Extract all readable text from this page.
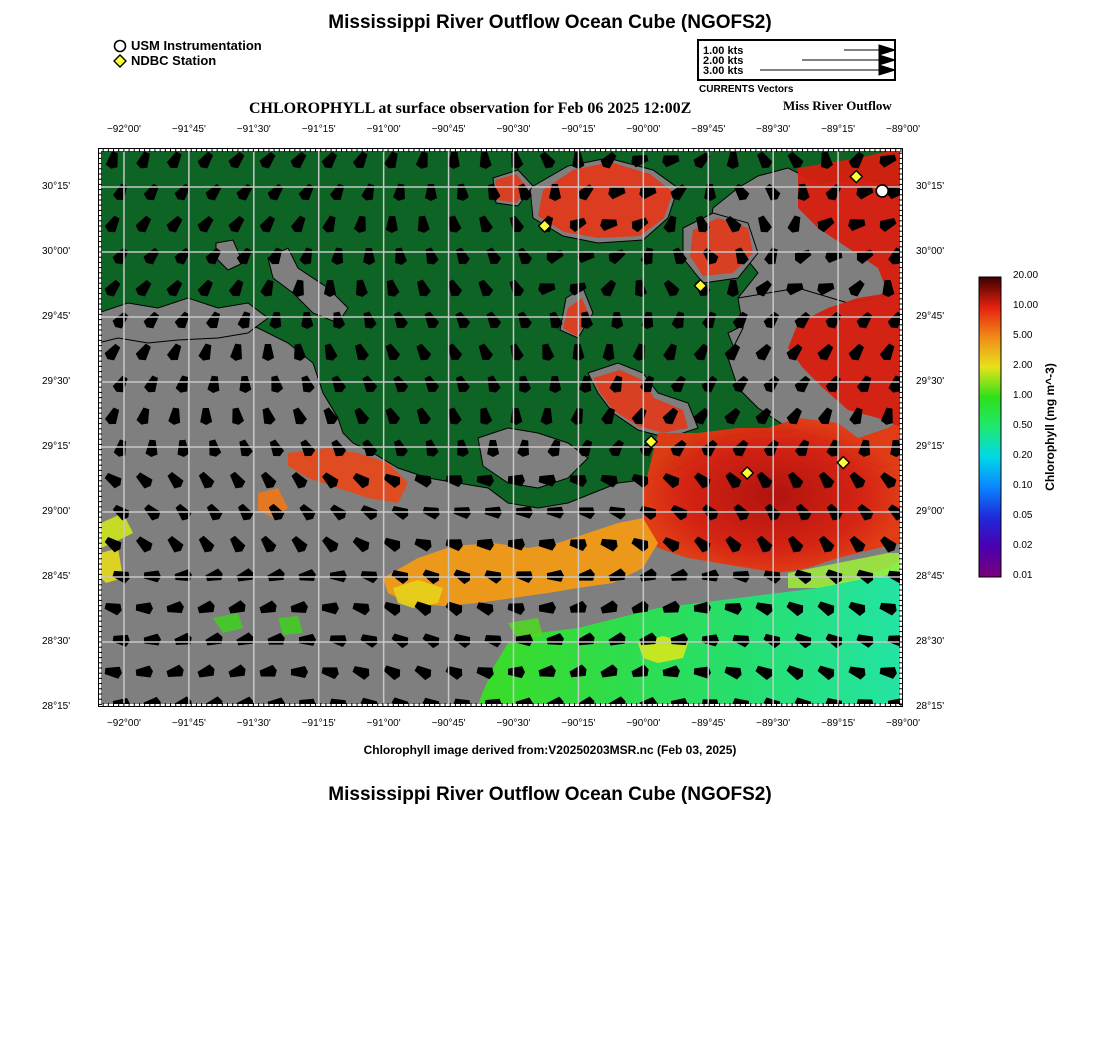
Mississippi River Outflow Ocean Cube (NGOFS2)
USM Instrumentation
NDBC Station
1.00 kts
2.00 kts
3.00 kts
CURRENTS Vectors
CHLOROPHYLL at surface observation for Feb 06 2025 12:00Z	Miss River Outflow
−92°00'	−91°45'	−91°30'	−91°15'	−91°00'	−90°45'	−90°30'	−90°15'	−90°00'	−89°45'	−89°30'	−89°15'	−89°00'
−92°00'	−91°45'	−91°30'	−91°15'	−91°00'	−90°45'	−90°30'	−90°15'	−90°00'	−89°45'	−89°30'	−89°15'	−89°00'
30°15'
30°00'
29°45'
29°30'
29°15'
29°00'
28°45'
28°30'
28°15'
30°15'
30°00'
29°45'
29°30'
29°15'
29°00'
28°45'
28°30'
28°15'
20.00
10.00
5.00
2.00
1.00
0.50
0.20
0.10
0.05
0.02
0.01
Chlorophyll (mg m^-3)
Chlorophyll image derived from:V20250203MSR.nc (Feb 03, 2025)
Mississippi River Outflow Ocean Cube (NGOFS2)
